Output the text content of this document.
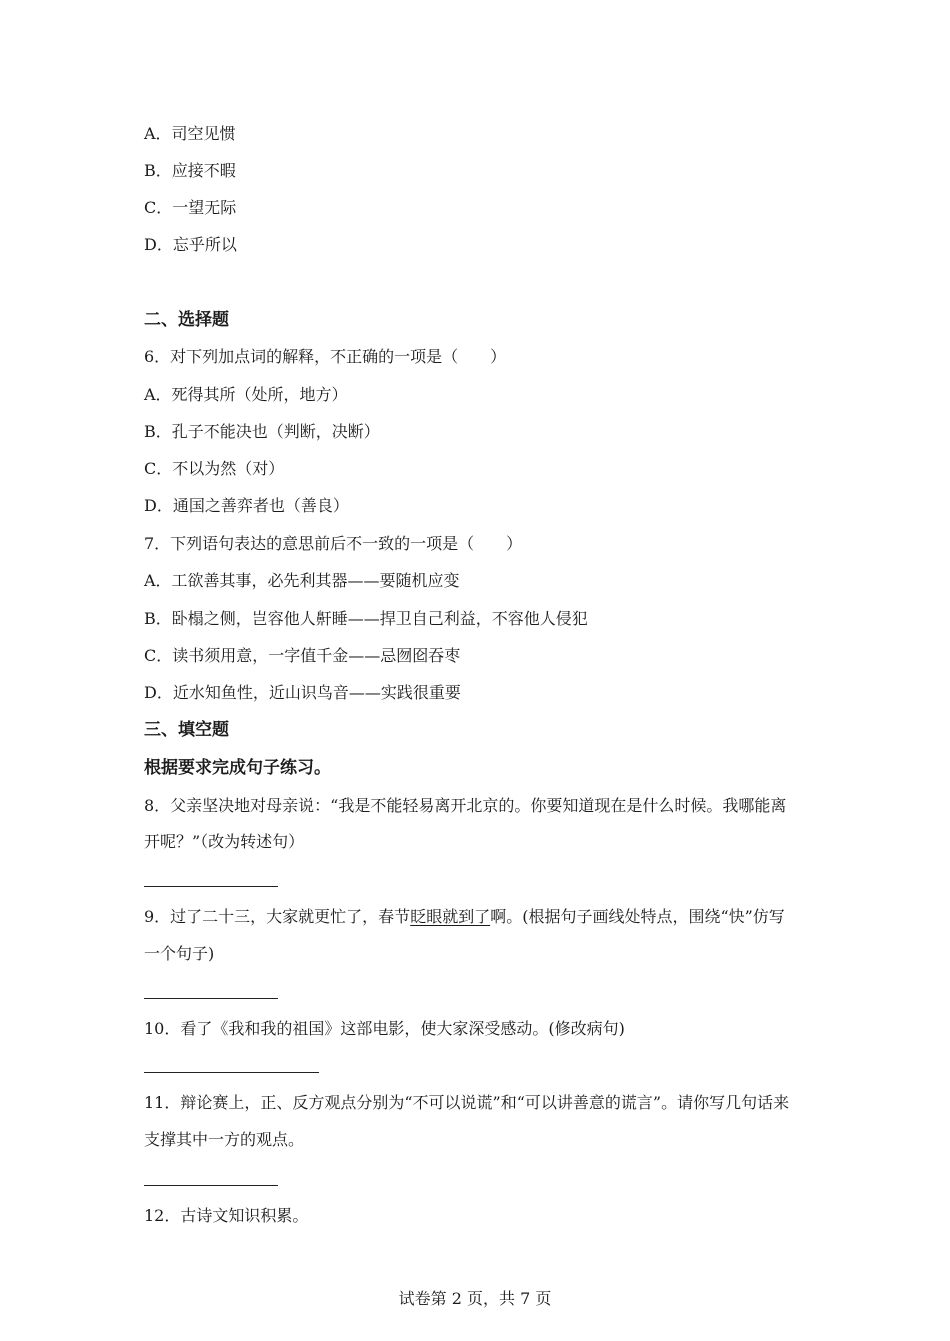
A．司空见惯
B．应接不暇
C．一望无际
D．忘乎所以
二、选择题
6．对下列加点词的解释，不正确的一项是（　　）
A．死得其所（处所，地方）
B．孔子不能决也（判断，决断）
C．不以为然（对）
D．通国之善弈者也（善良）
7．下列语句表达的意思前后不一致的一项是（　　）
A．工欲善其事，必先利其器——要随机应变
B．卧榻之侧，岂容他人鼾睡——捍卫自己利益，不容他人侵犯
C．读书须用意，一字值千金——忌囫囵吞枣
D．近水知鱼性，近山识鸟音——实践很重要
三、填空题
根据要求完成句子练习。
8．父亲坚决地对母亲说：“我是不能轻易离开北京的。你要知道现在是什么时候。我哪能离
开呢？”（改为转述句）
9．过了二十三，大家就更忙了，春节眨眼就到了啊。(根据句子画线处特点，围绕“快”仿写
一个句子)
10．看了《我和我的祖国》这部电影，使大家深受感动。(修改病句)
11．辩论赛上，正、反方观点分别为“不可以说谎”和“可以讲善意的谎言”。请你写几句话来
支撑其中一方的观点。
12．古诗文知识积累。
试卷第 2 页，共 7 页
